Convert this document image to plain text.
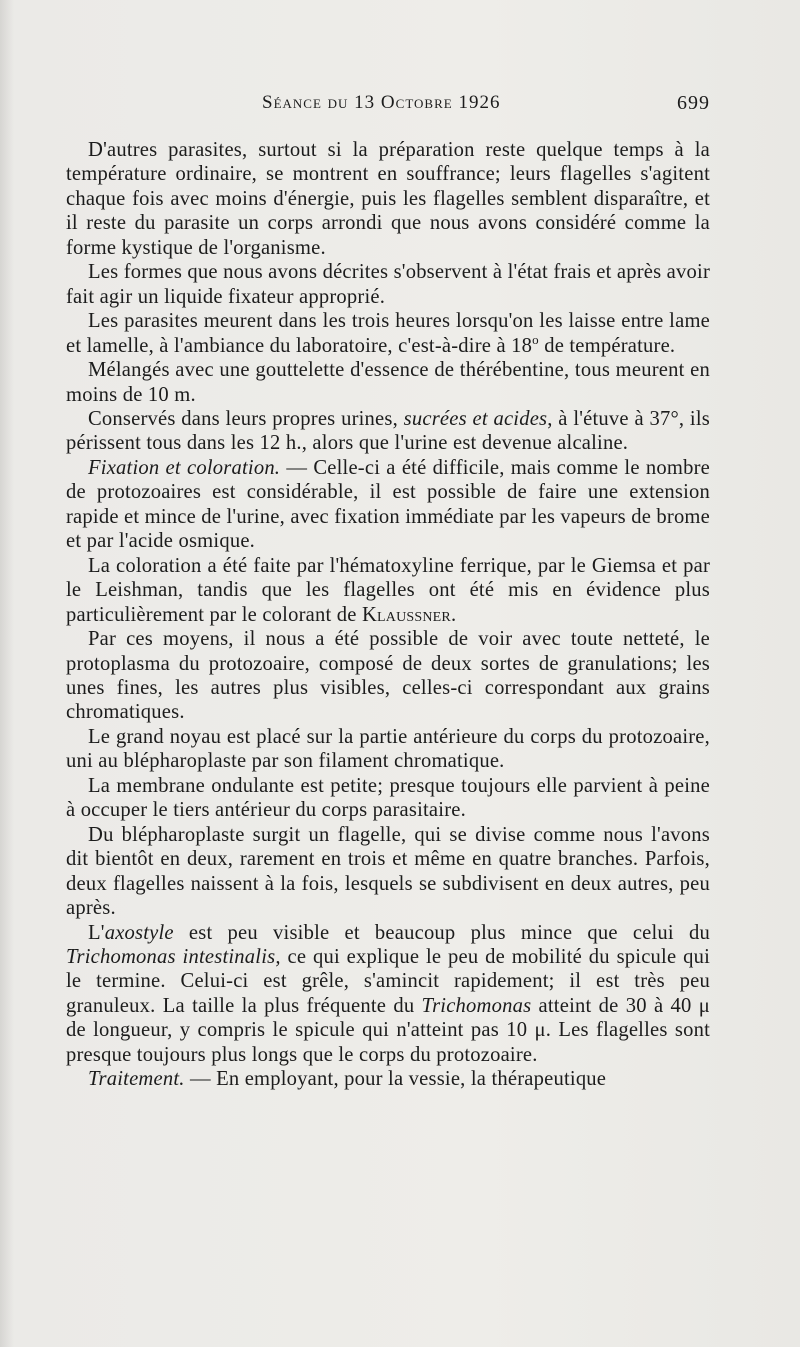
Séance du 13 Octobre 1926	699

D'autres parasites, surtout si la préparation reste quelque temps à la température ordinaire, se montrent en souffrance; leurs flagelles s'agitent chaque fois avec moins d'énergie, puis les flagelles semblent disparaître, et il reste du parasite un corps arrondi que nous avons considéré comme la forme kystique de l'organisme.

Les formes que nous avons décrites s'observent à l'état frais et après avoir fait agir un liquide fixateur approprié.

Les parasites meurent dans les trois heures lorsqu'on les laisse entre lame et lamelle, à l'ambiance du laboratoire, c'est-à-dire à 18$^o$ de température.

Mélangés avec une gouttelette d'essence de thérébentine, tous meurent en moins de 10 m.

Conservés dans leurs propres urines, sucrées et acides, à l'étuve à 37°, ils périssent tous dans les 12 h., alors que l'urine est devenue alcaline.

Fixation et coloration. — Celle-ci a été difficile, mais comme le nombre de protozoaires est considérable, il est possible de faire une extension rapide et mince de l'urine, avec fixation immédiate par les vapeurs de brome et par l'acide osmique.

La coloration a été faite par l'hématoxyline ferrique, par le Giemsa et par le Leishman, tandis que les flagelles ont été mis en évidence plus particulièrement par le colorant de Klaussner.

Par ces moyens, il nous a été possible de voir avec toute netteté, le protoplasma du protozoaire, composé de deux sortes de granulations; les unes fines, les autres plus visibles, celles-ci correspondant aux grains chromatiques.

Le grand noyau est placé sur la partie antérieure du corps du protozoaire, uni au blépharoplaste par son filament chromatique.

La membrane ondulante est petite; presque toujours elle parvient à peine à occuper le tiers antérieur du corps parasitaire.

Du blépharoplaste surgit un flagelle, qui se divise comme nous l'avons dit bientôt en deux, rarement en trois et même en quatre branches. Parfois, deux flagelles naissent à la fois, lesquels se subdivisent en deux autres, peu après.

L'axostyle est peu visible et beaucoup plus mince que celui du Trichomonas intestinalis, ce qui explique le peu de mobilité du spicule qui le termine. Celui-ci est grêle, s'amincit rapidement; il est très peu granuleux. La taille la plus fréquente du Trichomonas atteint de 30 à 40 μ de longueur, y compris le spicule qui n'atteint pas 10 μ. Les flagelles sont presque toujours plus longs que le corps du protozoaire.

Traitement. — En employant, pour la vessie, la thérapeutique
